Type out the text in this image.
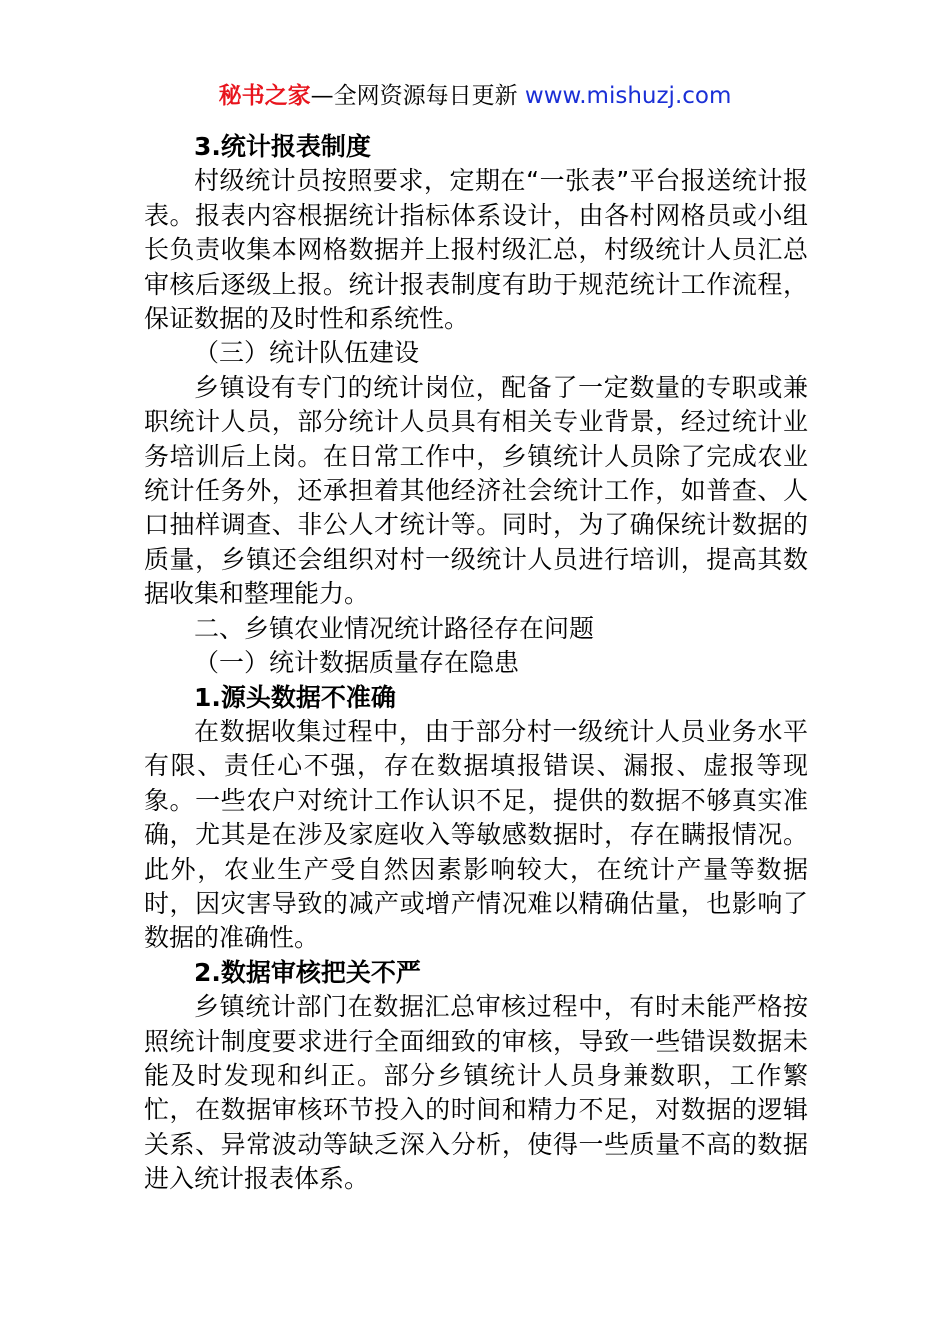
秘书之家—全网资源每日更新 www.mishuzj.com

3.统计报表制度

村级统计员按照要求，定期在“一张表”平台报送统计报表。报表内容根据统计指标体系设计，由各村网格员或小组长负责收集本网格数据并上报村级汇总，村级统计人员汇总审核后逐级上报。统计报表制度有助于规范统计工作流程，保证数据的及时性和系统性。

（三）统计队伍建设

乡镇设有专门的统计岗位，配备了一定数量的专职或兼职统计人员，部分统计人员具有相关专业背景，经过统计业务培训后上岗。在日常工作中，乡镇统计人员除了完成农业统计任务外，还承担着其他经济社会统计工作，如普查、人口抽样调查、非公人才统计等。同时，为了确保统计数据的质量，乡镇还会组织对村一级统计人员进行培训，提高其数据收集和整理能力。

二、乡镇农业情况统计路径存在问题

（一）统计数据质量存在隐患

1.源头数据不准确

在数据收集过程中，由于部分村一级统计人员业务水平有限、责任心不强，存在数据填报错误、漏报、虚报等现象。一些农户对统计工作认识不足，提供的数据不够真实准确，尤其是在涉及家庭收入等敏感数据时，存在瞒报情况。此外，农业生产受自然因素影响较大，在统计产量等数据时，因灾害导致的减产或增产情况难以精确估量，也影响了数据的准确性。

2.数据审核把关不严

乡镇统计部门在数据汇总审核过程中，有时未能严格按照统计制度要求进行全面细致的审核，导致一些错误数据未能及时发现和纠正。部分乡镇统计人员身兼数职，工作繁忙，在数据审核环节投入的时间和精力不足，对数据的逻辑关系、异常波动等缺乏深入分析，使得一些质量不高的数据进入统计报表体系。
